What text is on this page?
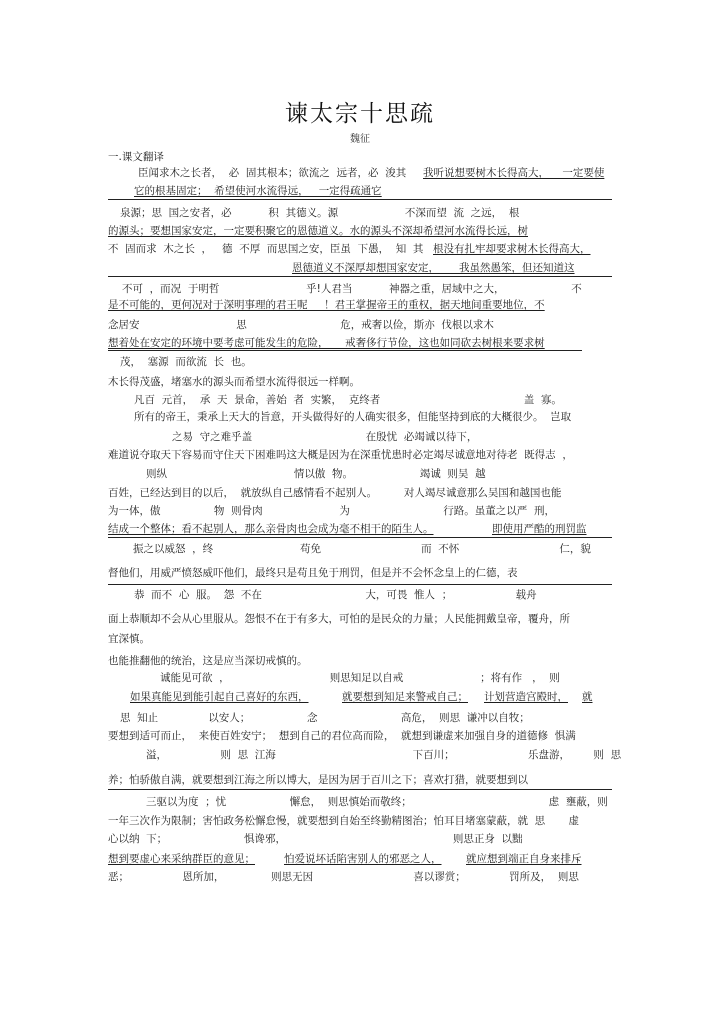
谏太宗十思疏
魏征
一.课文翻译
臣闻求木之长者，  必  固其根本；欲流之  远者，必  浚其 我听说想要树木长得高大，    一定要使
它的根基固定；  希望使河水流得远，   一定得疏通它
泉源；思  国之安者，必           积  其德义。源                    不深而望  流  之远，  根
的源头；要想国家安定，一定要积聚它的恩德道义。水的源头不深却希望河水流得长远，树
不  固而求  木之长  ，   德  不厚  而思国之安，臣虽  下愚，  知  其 根没有扎牢却要求树木长得高大，
恩德道义不深厚却想国家安定，      我虽然愚笨，但还知道这
不可  ，而况  于明哲                          乎!人君当           神器之重，居域中之大，                    不
是不可能的，更何况对于深明事理的君王呢     ！君王掌握帝王的重权，据天地间重要地位，不
念居安                             思                            危，戒奢以俭，斯亦  伐根以求木
想着处在安定的环境中要考虑可能发生的危险，     戒奢侈行节俭，这也如同砍去树根来要求树
茂，  塞源  而欲流  长  也。
木长得茂盛，堵塞水的源头而希望水流得很远一样啊。
凡百  元首，  承  天  景命，善始  者  实繁，  克终者                                           盖  寡。
所有的帝王，秉承上天大的旨意，开头做得好的人确实很多，但能坚持到底的大概很少。  岂取
之易  守之难乎盖                                  在殷忧  必竭诚以待下，
难道说夺取天下容易而守住天下困难吗这大概是因为在深重忧患时必定竭尽诚意地对待老  既得志  ，
则纵                                      情以傲  物。                    竭诚  则吴  越
百姓，已经达到目的以后，  就放纵自己感情看不起别人。        对人竭尽诚意那么吴国和越国也能
为一体，傲                物  则骨肉                       为                            行路。虽董之以严  刑，
结成一个整体；看不起别人，那么亲骨肉也会成为毫不相干的陌生人。	即使用严酷的刑罚监
振之以威怒  ，终                          苟免                              而  不怀                              仁，貌
督他们，用威严愤怒威吓他们，最终只是苟且免于刑罚，但是并不会怀念皇上的仁德，表
恭  而不  心  服。  怨  不在                               大，可畏  惟人  ；                   载舟
面上恭顺却不会从心里服从。怨恨不在于有多大，可怕的是民众的力量；人民能拥戴皇帝，覆舟，所
宜深慎。
也能推翻他的统治，这是应当深切戒慎的。
诚能见可欲  ，                              则思知足以自戒                       ；将有作   ，  则
如果真能见到能引起自己喜好的东西，	就要想到知足来警戒自己； 计划营造宫殿时， 就
思  知止               以安人；                 念                         高危，  则思  谦冲以自牧；
要想到适可而止，  来使百姓安宁；  想到自己的君位高而险，  就想到谦虚来加强自身的道德修  惧满
溢，                则  思  江海                                         下百川；                      乐盘游，       则  思
养；怕骄傲自满，就要想到江海之所以博大，是因为居于百川之下；喜欢打猎，就要想到以
三驱以为度  ；忧                   懈怠，  则思慎始而敬终；                                         虑  壅蔽，则
一年三次作为限制；害怕政务松懈怠慢，就要想到自始至终勤精图治；怕耳目堵塞蒙蔽，就  思       虚
心以纳  下；                       惧谗邪，                                                  则思正身  以黜
想到要虚心来采纳群臣的意见；	怕爱说坏话陷害别人的邪恶之人， 就应想到端正自身来排斥
恶；                恩所加，              则思无因                              喜以谬赏；             罚所及，  则思
